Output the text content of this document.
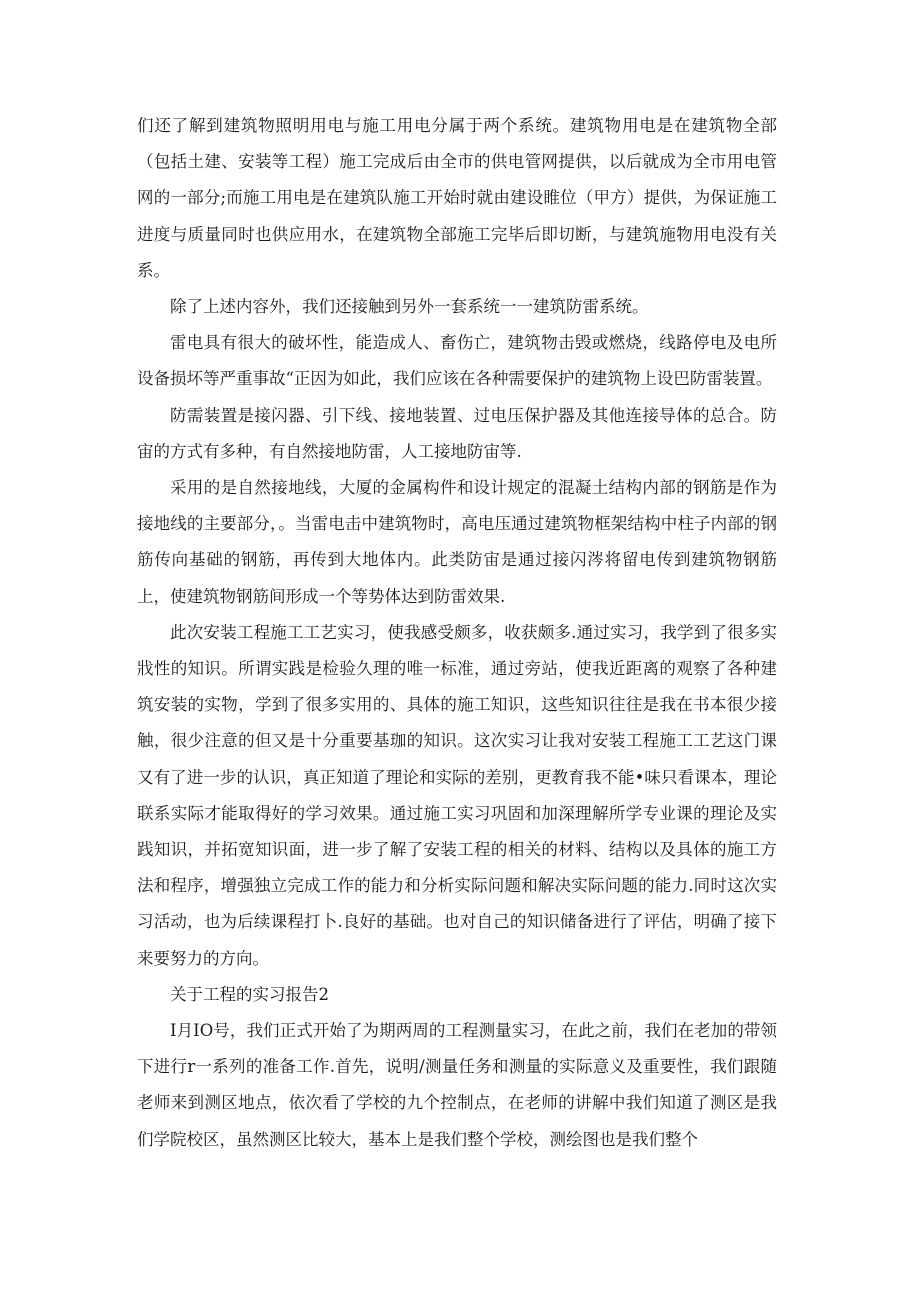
们还了解到建筑物照明用电与施工用电分属于两个系统。建筑物用电是在建筑物全部（包括土建、安装等工程）施工完成后由全市的供电管网提供，以后就成为全市用电管网的一部分;而施工用电是在建筑队施工开始时就由建设睢位（甲方）提供，为保证施工进度与质量同时也供应用水，在建筑物全部施工完毕后即切断，与建筑施物用电没有关系。

除了上述内容外，我们还接触到另外一套系统一一建筑防雷系统。

雷电具有很大的破坏性，能造成人、畜伤亡，建筑物击毁或燃烧，线路停电及电所设备损坏等严重事故“正因为如此，我们应该在各种需要保护的建筑物上设巴防雷装置。

防需装置是接闪器、引下线、接地装置、过电压保护器及其他连接导体的总合。防宙的方式有多种，有自然接地防雷，人工接地防宙等.

采用的是自然接地线，大厦的金属构件和设计规定的混凝土结构内部的钢筋是作为接地线的主要部分，。当雷电击中建筑物时，高电压通过建筑物框架结构中柱子内部的钢筋传向基础的钢筋，再传到大地体内。此类防宙是通过接闪涔将留电传到建筑物钢筋上，使建筑物钢筋间形成一个等势体达到防雷效果.

此次安装工程施工工艺实习，使我感受颇多，收获颇多.通过实习，我学到了很多实戕性的知识。所谓实践是检验久理的唯一标准，通过旁站，使我近距离的观察了各种建筑安装的实物，学到了很多实用的、具体的施工知识，这些知识往往是我在书本很少接触，很少注意的但又是十分重要基珈的知识。这次实习让我对安装工程施工工艺这门课又有了进一步的认识，真正知道了理论和实际的差别，更教育我不能•味只看课本，理论联系实际才能取得好的学习效果。通过施工实习巩固和加深理解所学专业课的理论及实践知识，并拓宽知识面，进一步了解了安装工程的相关的材料、结构以及具体的施工方法和程序，增强独立完成工作的能力和分析实际问题和解决实际问题的能力.同时这次实习活动，也为后续课程打卜.良好的基础。也对自己的知识储备进行了评估，明确了接下来要努力的方向。

关于工程的实习报告2

I月IO号，我们正式开始了为期两周的工程测量实习，在此之前，我们在老加的带领下进行r一系列的准备工作.首先，说明/测量任务和测量的实际意义及重要性，我们跟随老师来到测区地点，依次看了学校的九个控制点，在老师的讲解中我们知道了测区是我们学院校区，虽然测区比较大，基本上是我们整个学校，测绘图也是我们整个
